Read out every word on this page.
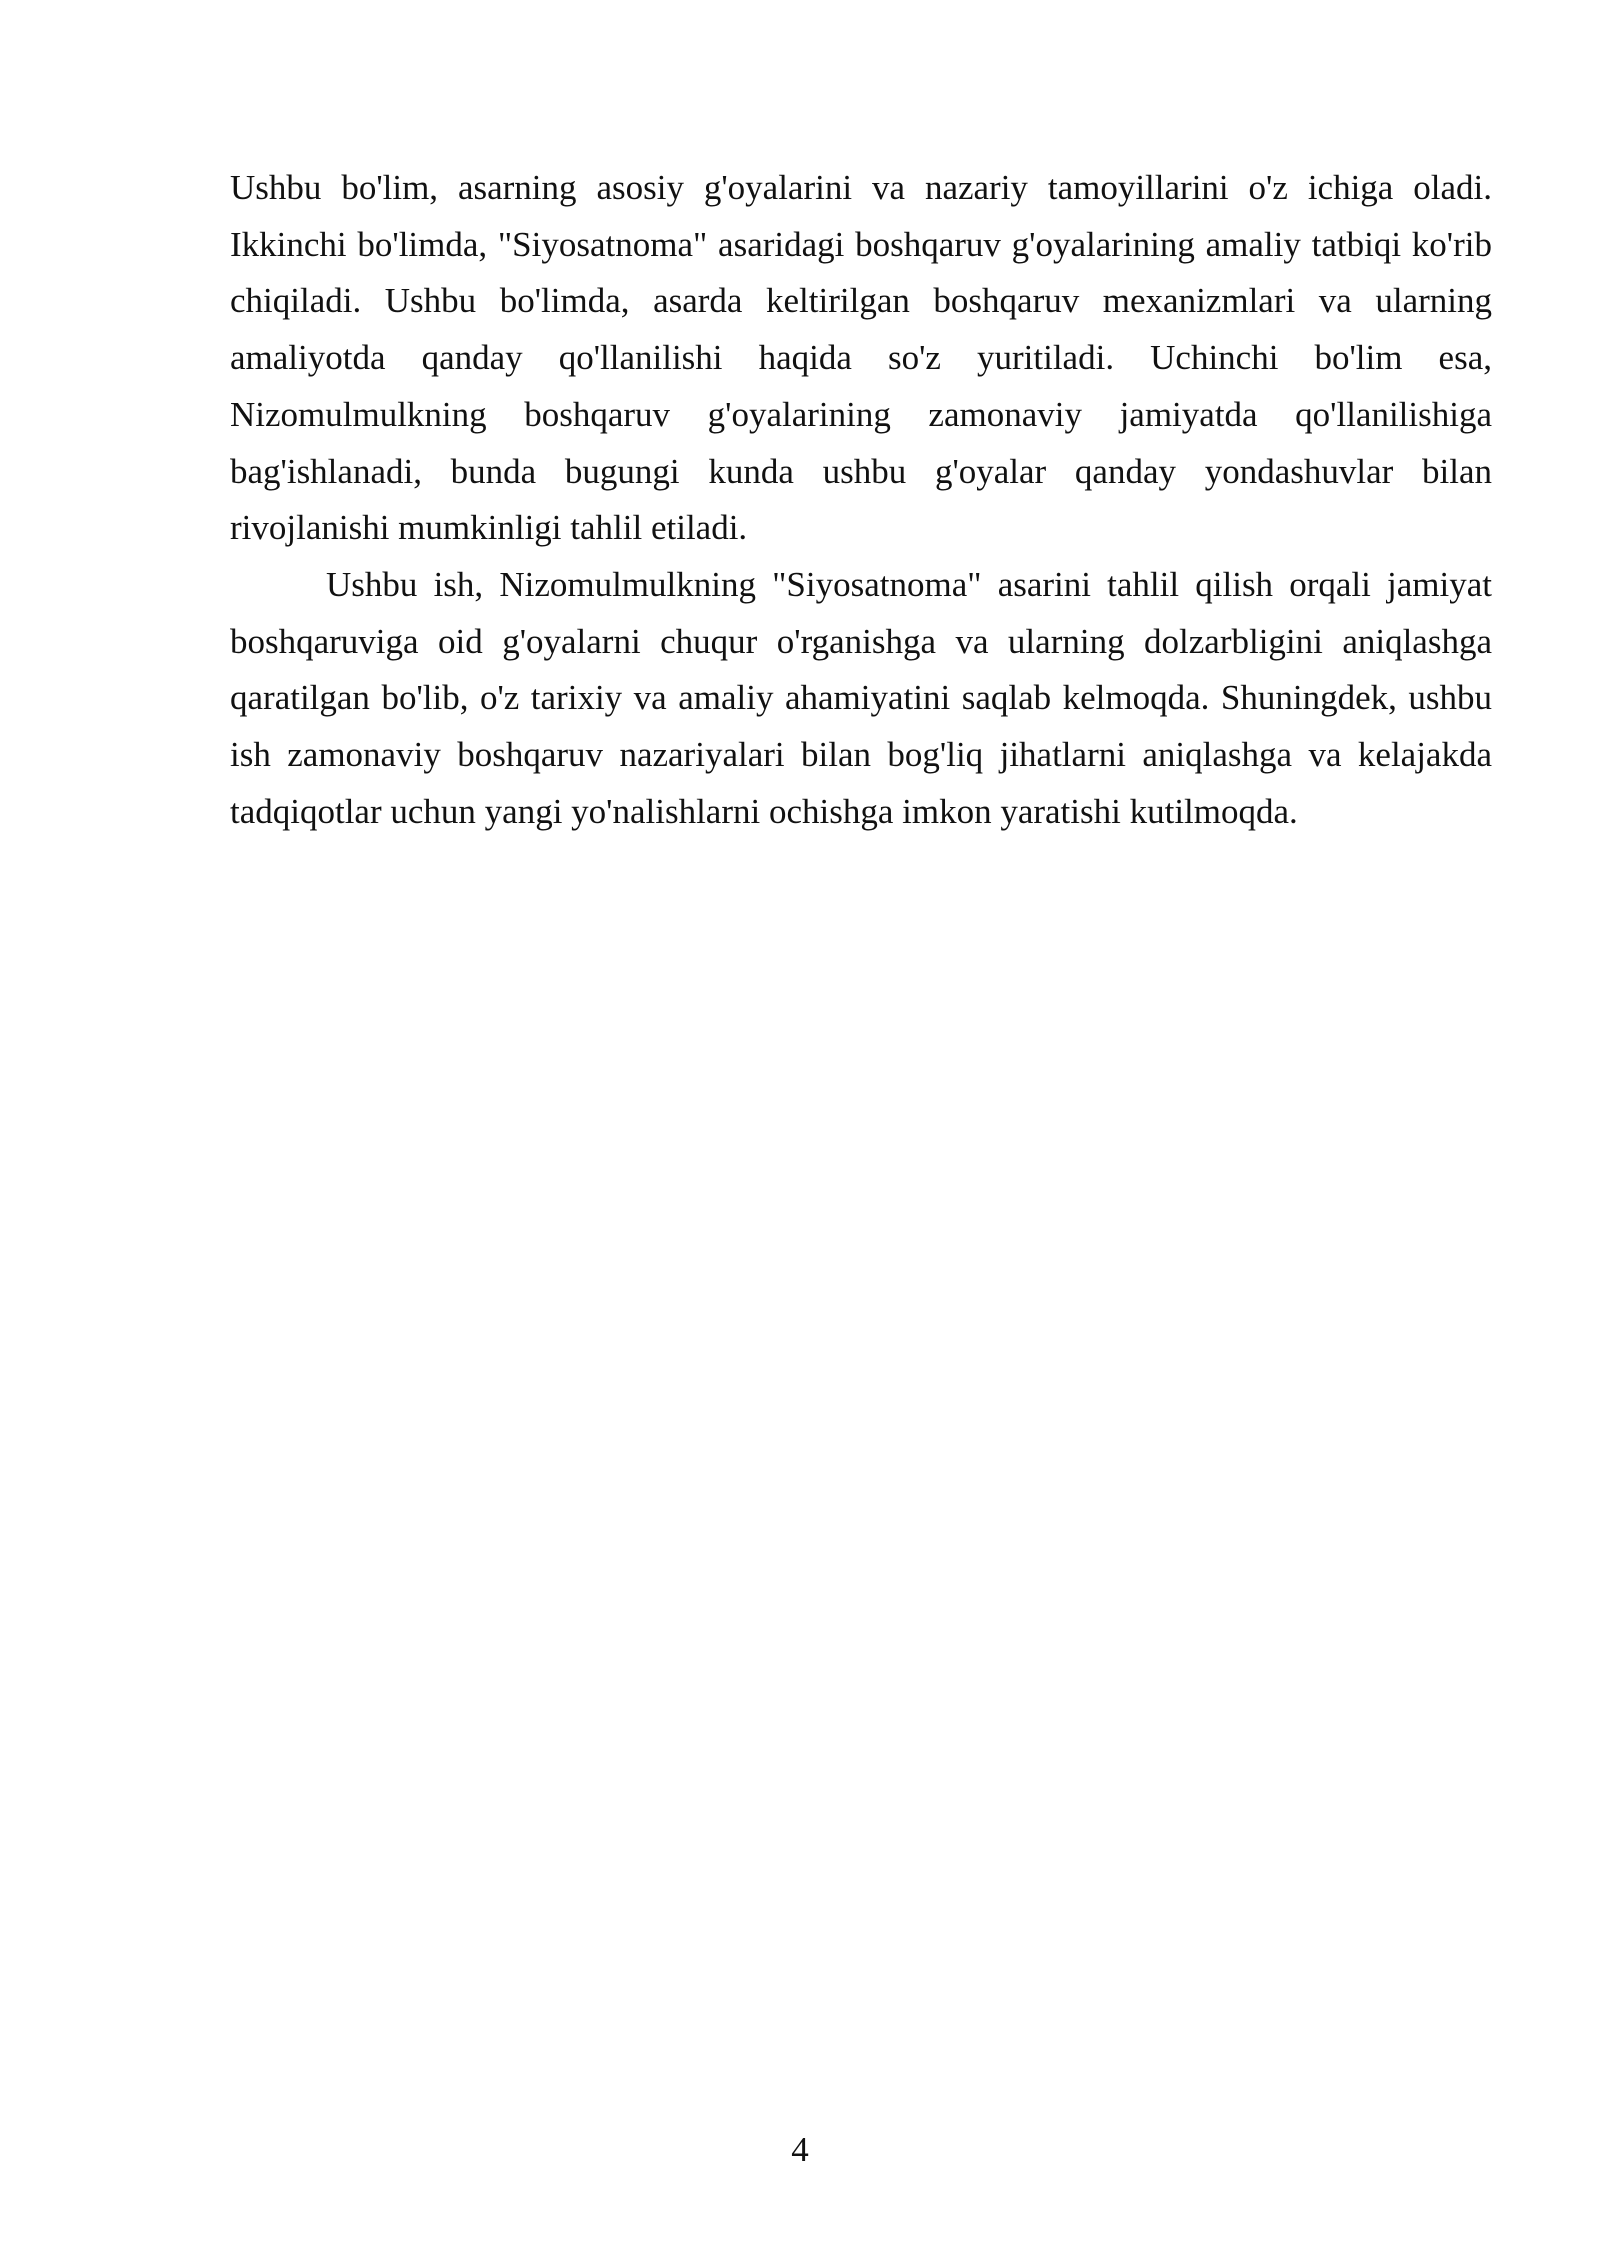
Ushbu bo'lim, asarning asosiy g'oyalarini va nazariy tamoyillarini o'z ichiga oladi. Ikkinchi bo'limda, "Siyosatnoma" asaridagi boshqaruv g'oyalarining amaliy tatbiqi ko'rib chiqiladi. Ushbu bo'limda, asarda keltirilgan boshqaruv mexanizmlari va ularning amaliyotda qanday qo'llanilishi haqida so'z yuritiladi. Uchinchi bo'lim esa, Nizomulmulkning boshqaruv g'oyalarining zamonaviy jamiyatda qo'llanilishiga bag'ishlanadi, bunda bugungi kunda ushbu g'oyalar qanday yondashuvlar bilan rivojlanishi mumkinligi tahlil etiladi.

Ushbu ish, Nizomulmulkning "Siyosatnoma" asarini tahlil qilish orqali jamiyat boshqaruviga oid g'oyalarni chuqur o'rganishga va ularning dolzarbligini aniqlashga qaratilgan bo'lib, o'z tarixiy va amaliy ahamiyatini saqlab kelmoqda. Shuningdek, ushbu ish zamonaviy boshqaruv nazariyalari bilan bog'liq jihatlarni aniqlashga va kelajakda tadqiqotlar uchun yangi yo'nalishlarni ochishga imkon yaratishi kutilmoqda.

4
